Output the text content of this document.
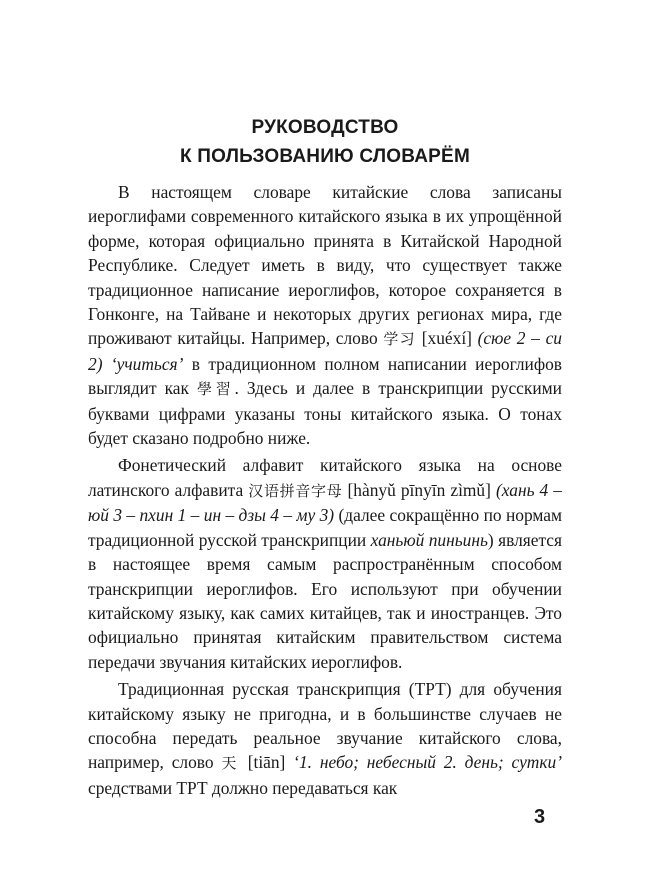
РУКОВОДСТВО
К ПОЛЬЗОВАНИЮ СЛОВАРЁМ

В настоящем словаре китайские слова записаны иероглифами современного китайского языка в их упрощённой форме, которая официально принята в Китайской Народной Республике. Следует иметь в виду, что существует также традиционное написание иероглифов, которое сохраняется в Гонконге, на Тайване и некоторых других регионах мира, где проживают китайцы. Например, слово 学习 [xuéxí] (сюе 2 – си 2) ‘учиться’ в традиционном полном написании иероглифов выглядит как 學習. Здесь и далее в транскрипции русскими буквами цифрами указаны тоны китайского языка. О тонах будет сказано подробно ниже.

Фонетический алфавит китайского языка на основе латинского алфавита 汉语拼音字母 [hànyǔ pīnyīn zìmǔ] (хань 4 – юй 3 – пхин 1 – ин – дзы 4 – му 3) (далее сокращённо по нормам традиционной русской транскрипции ханьюй пиньинь) является в настоящее время самым распространённым способом транскрипции иероглифов. Его используют при обучении китайскому языку, как самих китайцев, так и иностранцев. Это официально принятая китайским правительством система передачи звучания китайских иероглифов.

Традиционная русская транскрипция (ТРТ) для обучения китайскому языку не пригодна, и в большинстве случаев не способна передать реальное звучание китайского слова, например, слово 天 [tiān] ‘1. небо; небесный 2. день; сутки’ средствами ТРТ должно передаваться как

3
